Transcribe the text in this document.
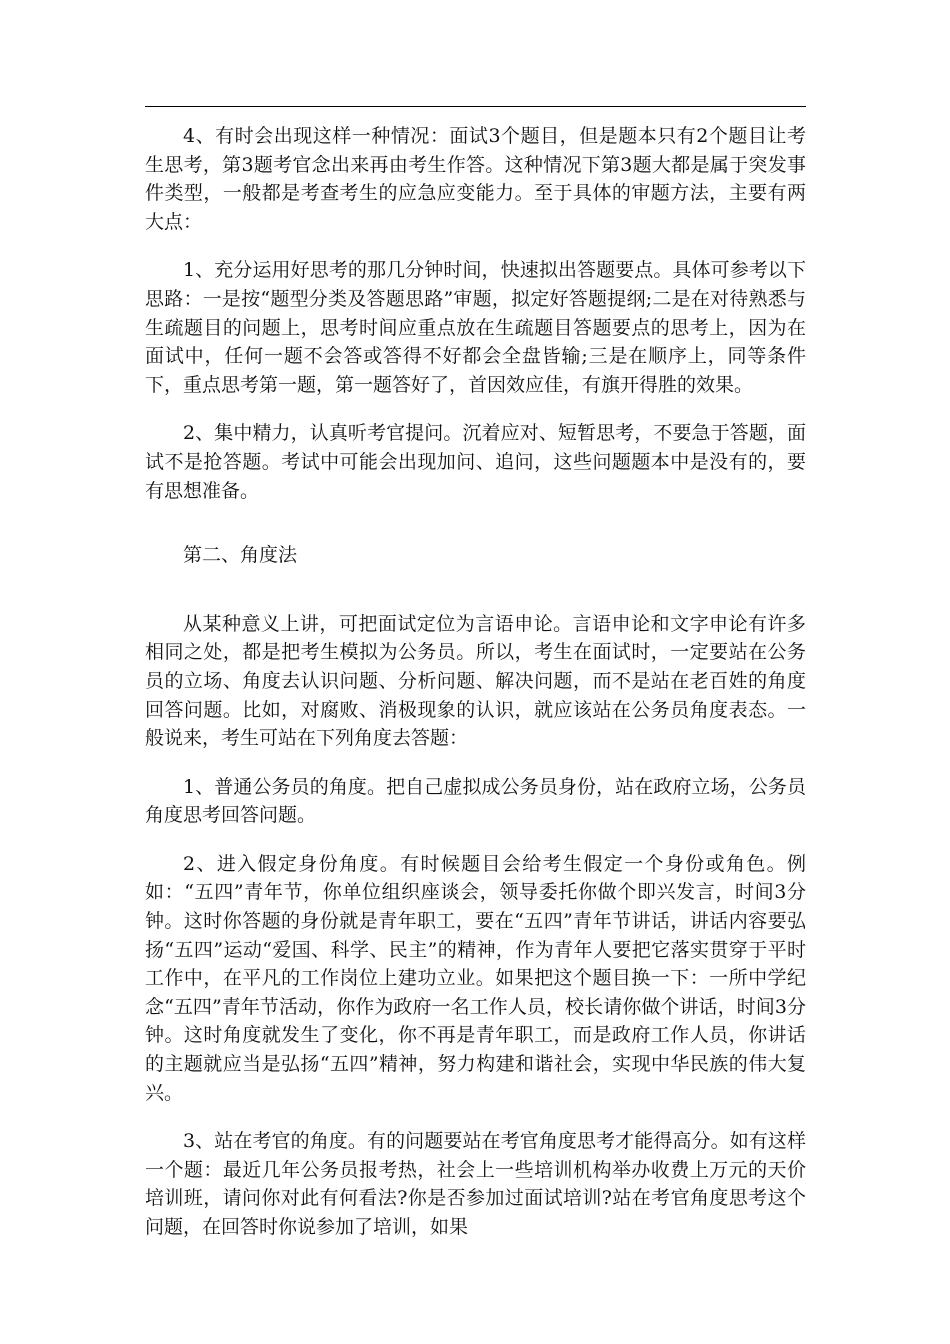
4、有时会出现这样一种情况：面试3个题目，但是题本只有2个题目让考生思考，第3题考官念出来再由考生作答。这种情况下第3题大都是属于突发事件类型，一般都是考查考生的应急应变能力。至于具体的审题方法，主要有两大点：

1、充分运用好思考的那几分钟时间，快速拟出答题要点。具体可参考以下思路：一是按“题型分类及答题思路”审题，拟定好答题提纲;二是在对待熟悉与生疏题目的问题上，思考时间应重点放在生疏题目答题要点的思考上，因为在面试中，任何一题不会答或答得不好都会全盘皆输;三是在顺序上，同等条件下，重点思考第一题，第一题答好了，首因效应佳，有旗开得胜的效果。

2、集中精力，认真听考官提问。沉着应对、短暂思考，不要急于答题，面试不是抢答题。考试中可能会出现加问、追问，这些问题题本中是没有的，要有思想准备。

第二、角度法

从某种意义上讲，可把面试定位为言语申论。言语申论和文字申论有许多相同之处，都是把考生模拟为公务员。所以，考生在面试时，一定要站在公务员的立场、角度去认识问题、分析问题、解决问题，而不是站在老百姓的角度回答问题。比如，对腐败、消极现象的认识，就应该站在公务员角度表态。一般说来，考生可站在下列角度去答题：

1、普通公务员的角度。把自己虚拟成公务员身份，站在政府立场，公务员角度思考回答问题。

2、进入假定身份角度。有时候题目会给考生假定一个身份或角色。例如：“五四”青年节，你单位组织座谈会，领导委托你做个即兴发言，时间3分钟。这时你答题的身份就是青年职工，要在“五四”青年节讲话，讲话内容要弘扬“五四”运动“爱国、科学、民主”的精神，作为青年人要把它落实贯穿于平时工作中，在平凡的工作岗位上建功立业。如果把这个题目换一下：一所中学纪念“五四”青年节活动，你作为政府一名工作人员，校长请你做个讲话，时间3分钟。这时角度就发生了变化，你不再是青年职工，而是政府工作人员，你讲话的主题就应当是弘扬“五四”精神，努力构建和谐社会，实现中华民族的伟大复兴。

3、站在考官的角度。有的问题要站在考官角度思考才能得高分。如有这样一个题：最近几年公务员报考热，社会上一些培训机构举办收费上万元的天价培训班，请问你对此有何看法?你是否参加过面试培训?站在考官角度思考这个问题，在回答时你说参加了培训，如果
